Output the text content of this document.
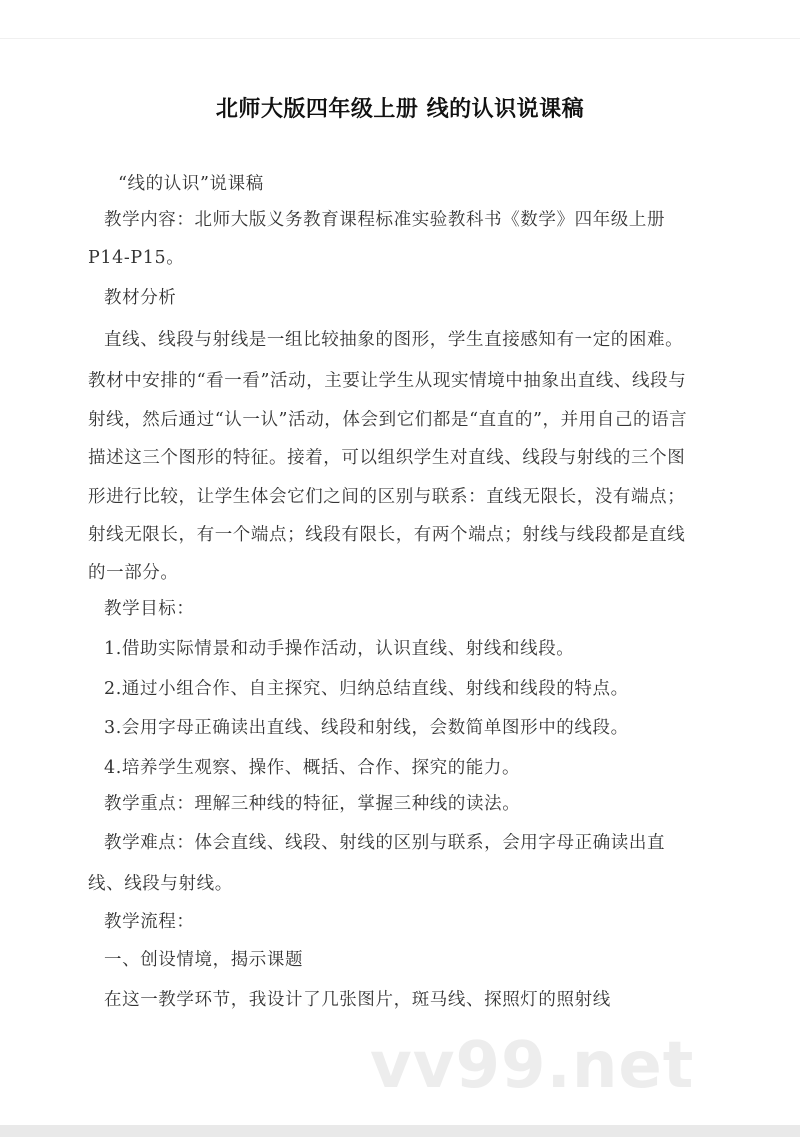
北师大版四年级上册 线的认识说课稿
“线的认识”说课稿
教学内容：北师大版义务教育课程标准实验教科书《数学》四年级上册
P14-P15。
教材分析
直线、线段与射线是一组比较抽象的图形，学生直接感知有一定的困难。
教材中安排的“看一看”活动，主要让学生从现实情境中抽象出直线、线段与
射线，然后通过“认一认”活动，体会到它们都是“直直的”，并用自己的语言
描述这三个图形的特征。接着，可以组织学生对直线、线段与射线的三个图
形进行比较，让学生体会它们之间的区别与联系：直线无限长，没有端点；
射线无限长，有一个端点；线段有限长，有两个端点；射线与线段都是直线
的一部分。
教学目标：
1.借助实际情景和动手操作活动，认识直线、射线和线段。
2.通过小组合作、自主探究、归纳总结直线、射线和线段的特点。
3.会用字母正确读出直线、线段和射线，会数简单图形中的线段。
4.培养学生观察、操作、概括、合作、探究的能力。
教学重点：理解三种线的特征，掌握三种线的读法。
教学难点：体会直线、线段、射线的区别与联系，会用字母正确读出直
线、线段与射线。
教学流程：
一、创设情境，揭示课题
在这一教学环节，我设计了几张图片，斑马线、探照灯的照射线
vv99.net
